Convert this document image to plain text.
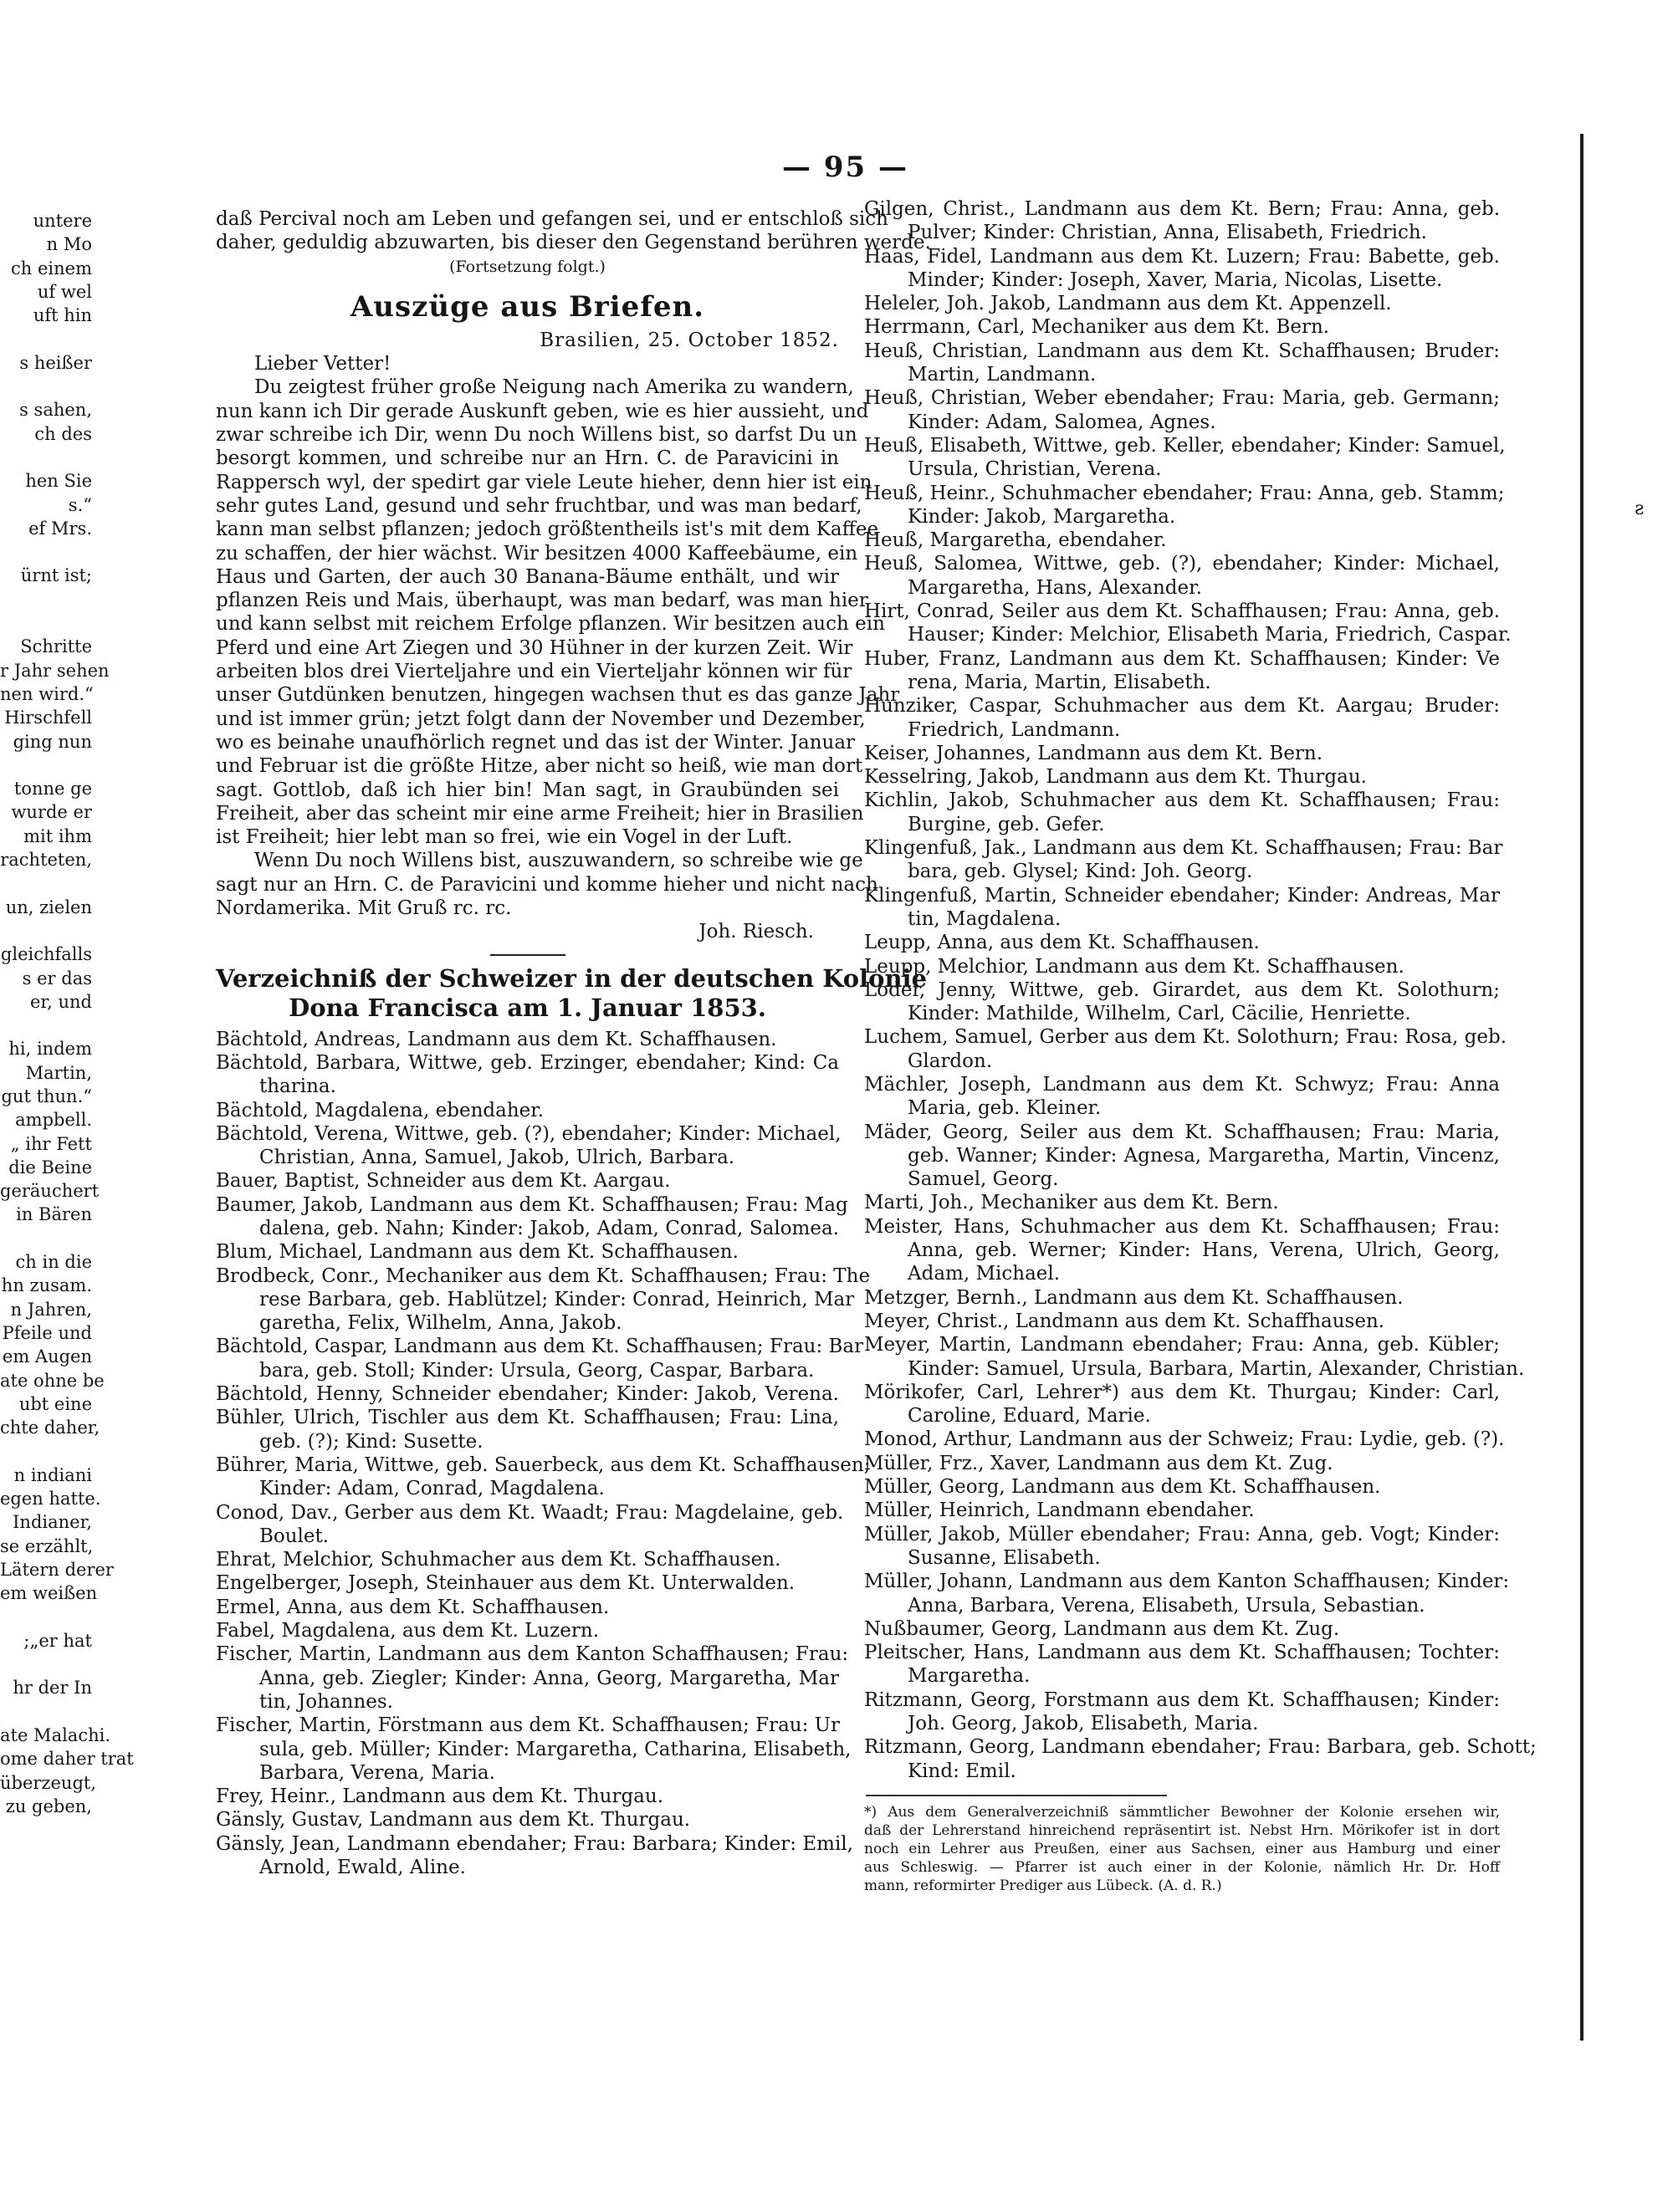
untere
n Mo
ch einem
uf wel
uft hin
s heißer
s sahen,
ch des
hen Sie
s.“
ef Mrs.
ürnt ist;
Schritte
r Jahr sehen
nen wird.“
Hirschfell
ging nun
tonne ge
wurde er
mit ihm
rachteten,
un, zielen
gleichfalls
s er das
er, und
hi, indem
Martin,
gut thun.“
ampbell.
„ ihr Fett
die Beine
geräuchert
in Bären
ch in die
hn zusam.
n Jahren,
Pfeile und
em Augen
ate ohne be
ubt eine
chte daher,
n indiani
egen hatte.
Indianer,
se erzählt,
Lätern derer
em weißen
;„er hat
hr der In
ate Malachi.
ome daher trat
überzeugt,
zu geben,
— 95 —
ƨ
daß Percival noch am Leben und gefangen sei, und er entschloß sich
daher, geduldig abzuwarten, bis dieser den Gegenstand berühren werde.
(Fortsetzung folgt.)
Auszüge aus Briefen.
Brasilien, 25. October 1852.
Lieber Vetter!
Du zeigtest früher große Neigung nach Amerika zu wandern,
nun kann ich Dir gerade Auskunft geben, wie es hier aussieht, und
zwar schreibe ich Dir, wenn Du noch Willens bist, so darfst Du un
besorgt kommen, und schreibe nur an Hrn. C. de Paravicini in
Rappersch wyl, der spedirt gar viele Leute hieher, denn hier ist ein
sehr gutes Land, gesund und sehr fruchtbar, und was man bedarf,
kann man selbst pflanzen; jedoch größtentheils ist's mit dem Kaffee
zu schaffen, der hier wächst. Wir besitzen 4000 Kaffeebäume, ein
Haus und Garten, der auch 30 Banana-Bäume enthält, und wir
pflanzen Reis und Mais, überhaupt, was man bedarf, was man hier
und kann selbst mit reichem Erfolge pflanzen. Wir besitzen auch ein
Pferd und eine Art Ziegen und 30 Hühner in der kurzen Zeit. Wir
arbeiten blos drei Vierteljahre und ein Vierteljahr können wir für
unser Gutdünken benutzen, hingegen wachsen thut es das ganze Jahr
und ist immer grün; jetzt folgt dann der November und Dezember,
wo es beinahe unaufhörlich regnet und das ist der Winter. Januar
und Februar ist die größte Hitze, aber nicht so heiß, wie man dort
sagt. Gottlob, daß ich hier bin! Man sagt, in Graubünden sei
Freiheit, aber das scheint mir eine arme Freiheit; hier in Brasilien
ist Freiheit; hier lebt man so frei, wie ein Vogel in der Luft.
Wenn Du noch Willens bist, auszuwandern, so schreibe wie ge
sagt nur an Hrn. C. de Paravicini und komme hieher und nicht nach
Nordamerika. Mit Gruß rc. rc.
Joh. Riesch.
Verzeichniß der Schweizer in der deutschen Kolonie
Dona Francisca am 1. Januar 1853.
Bächtold, Andreas, Landmann aus dem Kt. Schaffhausen.
Bächtold, Barbara, Wittwe, geb. Erzinger, ebendaher; Kind: Ca
tharina.
Bächtold, Magdalena, ebendaher.
Bächtold, Verena, Wittwe, geb. (?), ebendaher; Kinder: Michael,
Christian, Anna, Samuel, Jakob, Ulrich, Barbara.
Bauer, Baptist, Schneider aus dem Kt. Aargau.
Baumer, Jakob, Landmann aus dem Kt. Schaffhausen; Frau: Mag
dalena, geb. Nahn; Kinder: Jakob, Adam, Conrad, Salomea.
Blum, Michael, Landmann aus dem Kt. Schaffhausen.
Brodbeck, Conr., Mechaniker aus dem Kt. Schaffhausen; Frau: The
rese Barbara, geb. Hablützel; Kinder: Conrad, Heinrich, Mar
garetha, Felix, Wilhelm, Anna, Jakob.
Bächtold, Caspar, Landmann aus dem Kt. Schaffhausen; Frau: Bar
bara, geb. Stoll; Kinder: Ursula, Georg, Caspar, Barbara.
Bächtold, Henny, Schneider ebendaher; Kinder: Jakob, Verena.
Bühler, Ulrich, Tischler aus dem Kt. Schaffhausen; Frau: Lina,
geb. (?); Kind: Susette.
Bührer, Maria, Wittwe, geb. Sauerbeck, aus dem Kt. Schaffhausen;
Kinder: Adam, Conrad, Magdalena.
Conod, Dav., Gerber aus dem Kt. Waadt; Frau: Magdelaine, geb.
Boulet.
Ehrat, Melchior, Schuhmacher aus dem Kt. Schaffhausen.
Engelberger, Joseph, Steinhauer aus dem Kt. Unterwalden.
Ermel, Anna, aus dem Kt. Schaffhausen.
Fabel, Magdalena, aus dem Kt. Luzern.
Fischer, Martin, Landmann aus dem Kanton Schaffhausen; Frau:
Anna, geb. Ziegler; Kinder: Anna, Georg, Margaretha, Mar
tin, Johannes.
Fischer, Martin, Förstmann aus dem Kt. Schaffhausen; Frau: Ur
sula, geb. Müller; Kinder: Margaretha, Catharina, Elisabeth,
Barbara, Verena, Maria.
Frey, Heinr., Landmann aus dem Kt. Thurgau.
Gänsly, Gustav, Landmann aus dem Kt. Thurgau.
Gänsly, Jean, Landmann ebendaher; Frau: Barbara; Kinder: Emil,
Arnold, Ewald, Aline.
Gilgen, Christ., Landmann aus dem Kt. Bern; Frau: Anna, geb.
Pulver; Kinder: Christian, Anna, Elisabeth, Friedrich.
Haas, Fidel, Landmann aus dem Kt. Luzern; Frau: Babette, geb.
Minder; Kinder: Joseph, Xaver, Maria, Nicolas, Lisette.
Heleler, Joh. Jakob, Landmann aus dem Kt. Appenzell.
Herrmann, Carl, Mechaniker aus dem Kt. Bern.
Heuß, Christian, Landmann aus dem Kt. Schaffhausen; Bruder:
Martin, Landmann.
Heuß, Christian, Weber ebendaher; Frau: Maria, geb. Germann;
Kinder: Adam, Salomea, Agnes.
Heuß, Elisabeth, Wittwe, geb. Keller, ebendaher; Kinder: Samuel,
Ursula, Christian, Verena.
Heuß, Heinr., Schuhmacher ebendaher; Frau: Anna, geb. Stamm;
Kinder: Jakob, Margaretha.
Heuß, Margaretha, ebendaher.
Heuß, Salomea, Wittwe, geb. (?), ebendaher; Kinder: Michael,
Margaretha, Hans, Alexander.
Hirt, Conrad, Seiler aus dem Kt. Schaffhausen; Frau: Anna, geb.
Hauser; Kinder: Melchior, Elisabeth Maria, Friedrich, Caspar.
Huber, Franz, Landmann aus dem Kt. Schaffhausen; Kinder: Ve
rena, Maria, Martin, Elisabeth.
Hunziker, Caspar, Schuhmacher aus dem Kt. Aargau; Bruder:
Friedrich, Landmann.
Keiser, Johannes, Landmann aus dem Kt. Bern.
Kesselring, Jakob, Landmann aus dem Kt. Thurgau.
Kichlin, Jakob, Schuhmacher aus dem Kt. Schaffhausen; Frau:
Burgine, geb. Gefer.
Klingenfuß, Jak., Landmann aus dem Kt. Schaffhausen; Frau: Bar
bara, geb. Glysel; Kind: Joh. Georg.
Klingenfuß, Martin, Schneider ebendaher; Kinder: Andreas, Mar
tin, Magdalena.
Leupp, Anna, aus dem Kt. Schaffhausen.
Leupp, Melchior, Landmann aus dem Kt. Schaffhausen.
Loder, Jenny, Wittwe, geb. Girardet, aus dem Kt. Solothurn;
Kinder: Mathilde, Wilhelm, Carl, Cäcilie, Henriette.
Luchem, Samuel, Gerber aus dem Kt. Solothurn; Frau: Rosa, geb.
Glardon.
Mächler, Joseph, Landmann aus dem Kt. Schwyz; Frau: Anna
Maria, geb. Kleiner.
Mäder, Georg, Seiler aus dem Kt. Schaffhausen; Frau: Maria,
geb. Wanner; Kinder: Agnesa, Margaretha, Martin, Vincenz,
Samuel, Georg.
Marti, Joh., Mechaniker aus dem Kt. Bern.
Meister, Hans, Schuhmacher aus dem Kt. Schaffhausen; Frau:
Anna, geb. Werner; Kinder: Hans, Verena, Ulrich, Georg,
Adam, Michael.
Metzger, Bernh., Landmann aus dem Kt. Schaffhausen.
Meyer, Christ., Landmann aus dem Kt. Schaffhausen.
Meyer, Martin, Landmann ebendaher; Frau: Anna, geb. Kübler;
Kinder: Samuel, Ursula, Barbara, Martin, Alexander, Christian.
Mörikofer, Carl, Lehrer*) aus dem Kt. Thurgau; Kinder: Carl,
Caroline, Eduard, Marie.
Monod, Arthur, Landmann aus der Schweiz; Frau: Lydie, geb. (?).
Müller, Frz., Xaver, Landmann aus dem Kt. Zug.
Müller, Georg, Landmann aus dem Kt. Schaffhausen.
Müller, Heinrich, Landmann ebendaher.
Müller, Jakob, Müller ebendaher; Frau: Anna, geb. Vogt; Kinder:
Susanne, Elisabeth.
Müller, Johann, Landmann aus dem Kanton Schaffhausen; Kinder:
Anna, Barbara, Verena, Elisabeth, Ursula, Sebastian.
Nußbaumer, Georg, Landmann aus dem Kt. Zug.
Pleitscher, Hans, Landmann aus dem Kt. Schaffhausen; Tochter:
Margaretha.
Ritzmann, Georg, Forstmann aus dem Kt. Schaffhausen; Kinder:
Joh. Georg, Jakob, Elisabeth, Maria.
Ritzmann, Georg, Landmann ebendaher; Frau: Barbara, geb. Schott;
Kind: Emil.
*) Aus dem Generalverzeichniß sämmtlicher Bewohner der Kolonie ersehen wir,
daß der Lehrerstand hinreichend repräsentirt ist. Nebst Hrn. Mörikofer ist in dort
noch ein Lehrer aus Preußen, einer aus Sachsen, einer aus Hamburg und einer
aus Schleswig. — Pfarrer ist auch einer in der Kolonie, nämlich Hr. Dr. Hoff
mann, reformirter Prediger aus Lübeck. (A. d. R.)
